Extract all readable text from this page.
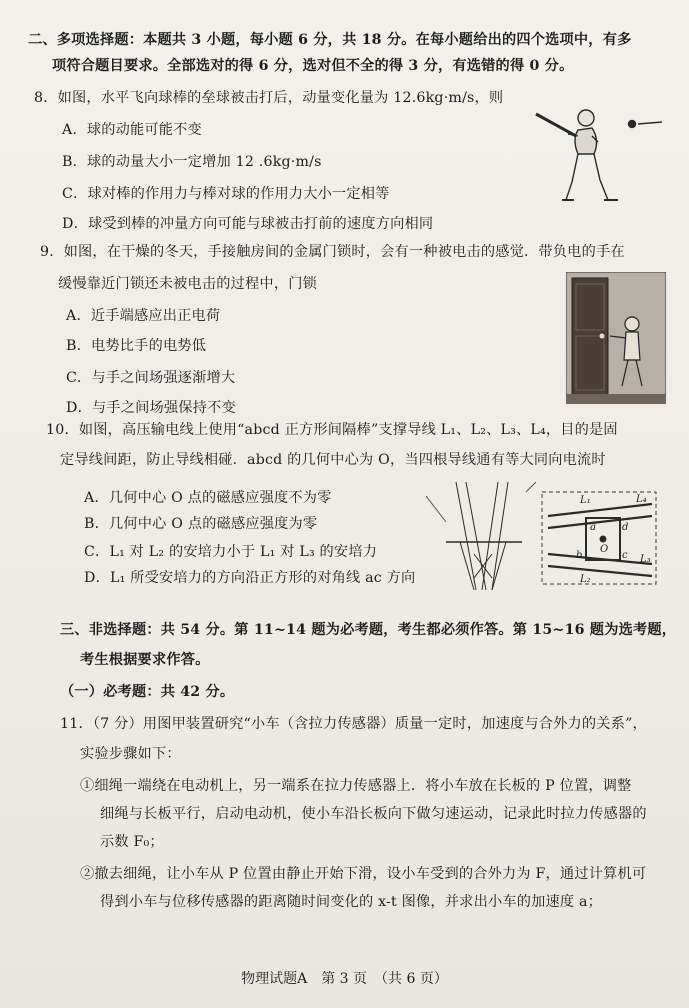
二、多项选择题：本题共 3 小题，每小题 6 分，共 18 分。在每小题给出的四个选项中，有多
项符合题目要求。全部选对的得 6 分，选对但不全的得 3 分，有选错的得 0 分。
8．如图，水平飞向球棒的垒球被击打后，动量变化量为 12.6kg·m/s，则
A．球的动能可能不变
B．球的动量大小一定增加 12 .6kg·m/s
C．球对棒的作用力与棒对球的作用力大小一定相等
D．球受到棒的冲量方向可能与球被击打前的速度方向相同
9．如图，在干燥的冬天，手接触房间的金属门锁时，会有一种被电击的感觉．带负电的手在
缓慢靠近门锁还未被电击的过程中，门锁
A．近手端感应出正电荷
B．电势比手的电势低
C．与手之间场强逐渐增大
D．与手之间场强保持不变
10．如图，高压输电线上使用“abcd 正方形间隔棒”支撑导线 L₁、L₂、L₃、L₄，目的是固
定导线间距，防止导线相碰．abcd 的几何中心为 O，当四根导线通有等大同向电流时
A．几何中心 O 点的磁感应强度不为零
B．几何中心 O 点的磁感应强度为零
C．L₁ 对 L₂ 的安培力小于 L₁ 对 L₃ 的安培力
D．L₁ 所受安培力的方向沿正方形的对角线 ac 方向
L₁	L₄
L₃
L₂
a	d
b	c
O
三、非选择题：共 54 分。第 11~14 题为必考题，考生都必须作答。第 15~16 题为选考题，
考生根据要求作答。
（一）必考题：共 42 分。
11．（7 分）用图甲装置研究“小车（含拉力传感器）质量一定时，加速度与合外力的关系”，
实验步骤如下：
①细绳一端绕在电动机上，另一端系在拉力传感器上．将小车放在长板的 P 位置，调整
细绳与长板平行，启动电动机，使小车沿长板向下做匀速运动，记录此时拉力传感器的
示数 F₀；
②撤去细绳，让小车从 P 位置由静止开始下滑，设小车受到的合外力为 F，通过计算机可
得到小车与位移传感器的距离随时间变化的 x-t 图像，并求出小车的加速度 a；
物理试题A　第 3 页　（共 6 页）
